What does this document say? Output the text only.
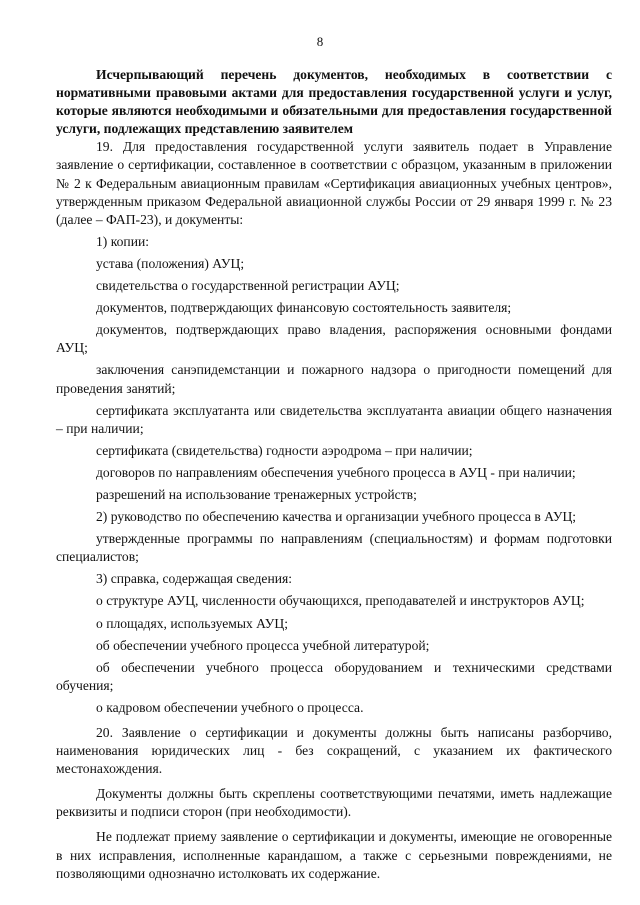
8

Исчерпывающий перечень документов, необходимых в соответствии с нормативными правовыми актами для предоставления государственной услуги и услуг, которые являются необходимыми и обязательными для предоставления государственной услуги, подлежащих представлению заявителем

19. Для предоставления государственной услуги заявитель подает в Управление заявление о сертификации, составленное в соответствии с образцом, указанным в приложении № 2 к Федеральным авиационным правилам «Сертификация авиационных учебных центров», утвержденным приказом Федеральной авиационной службы России от 29 января 1999 г. № 23 (далее – ФАП-23), и документы:

1) копии:

устава (положения) АУЦ;

свидетельства о государственной регистрации АУЦ;

документов, подтверждающих финансовую состоятельность заявителя;

документов, подтверждающих право владения, распоряжения основными фондами АУЦ;

заключения санэпидемстанции и пожарного надзора о пригодности помещений для проведения занятий;

сертификата эксплуатанта или свидетельства эксплуатанта авиации общего назначения – при наличии;

сертификата (свидетельства) годности аэродрома – при наличии;

договоров по направлениям обеспечения учебного процесса в АУЦ - при наличии;

разрешений на использование тренажерных устройств;

2) руководство по обеспечению качества и организации учебного процесса в АУЦ;

утвержденные программы по направлениям (специальностям) и формам подготовки специалистов;

3) справка, содержащая сведения:

о структуре АУЦ, численности обучающихся, преподавателей и инструкторов АУЦ;

о площадях, используемых АУЦ;

об обеспечении учебного процесса учебной литературой;

об обеспечении учебного процесса оборудованием и техническими средствами обучения;

о кадровом обеспечении учебного о процесса.

20. Заявление о сертификации и документы должны быть написаны разборчиво, наименования юридических лиц - без сокращений, с указанием их фактического местонахождения.

Документы должны быть скреплены соответствующими печатями, иметь надлежащие реквизиты и подписи сторон (при необходимости).

Не подлежат приему заявление о сертификации и документы, имеющие не оговоренные в них исправления, исполненные карандашом, а также с серьезными повреждениями, не позволяющими однозначно истолковать их содержание.
